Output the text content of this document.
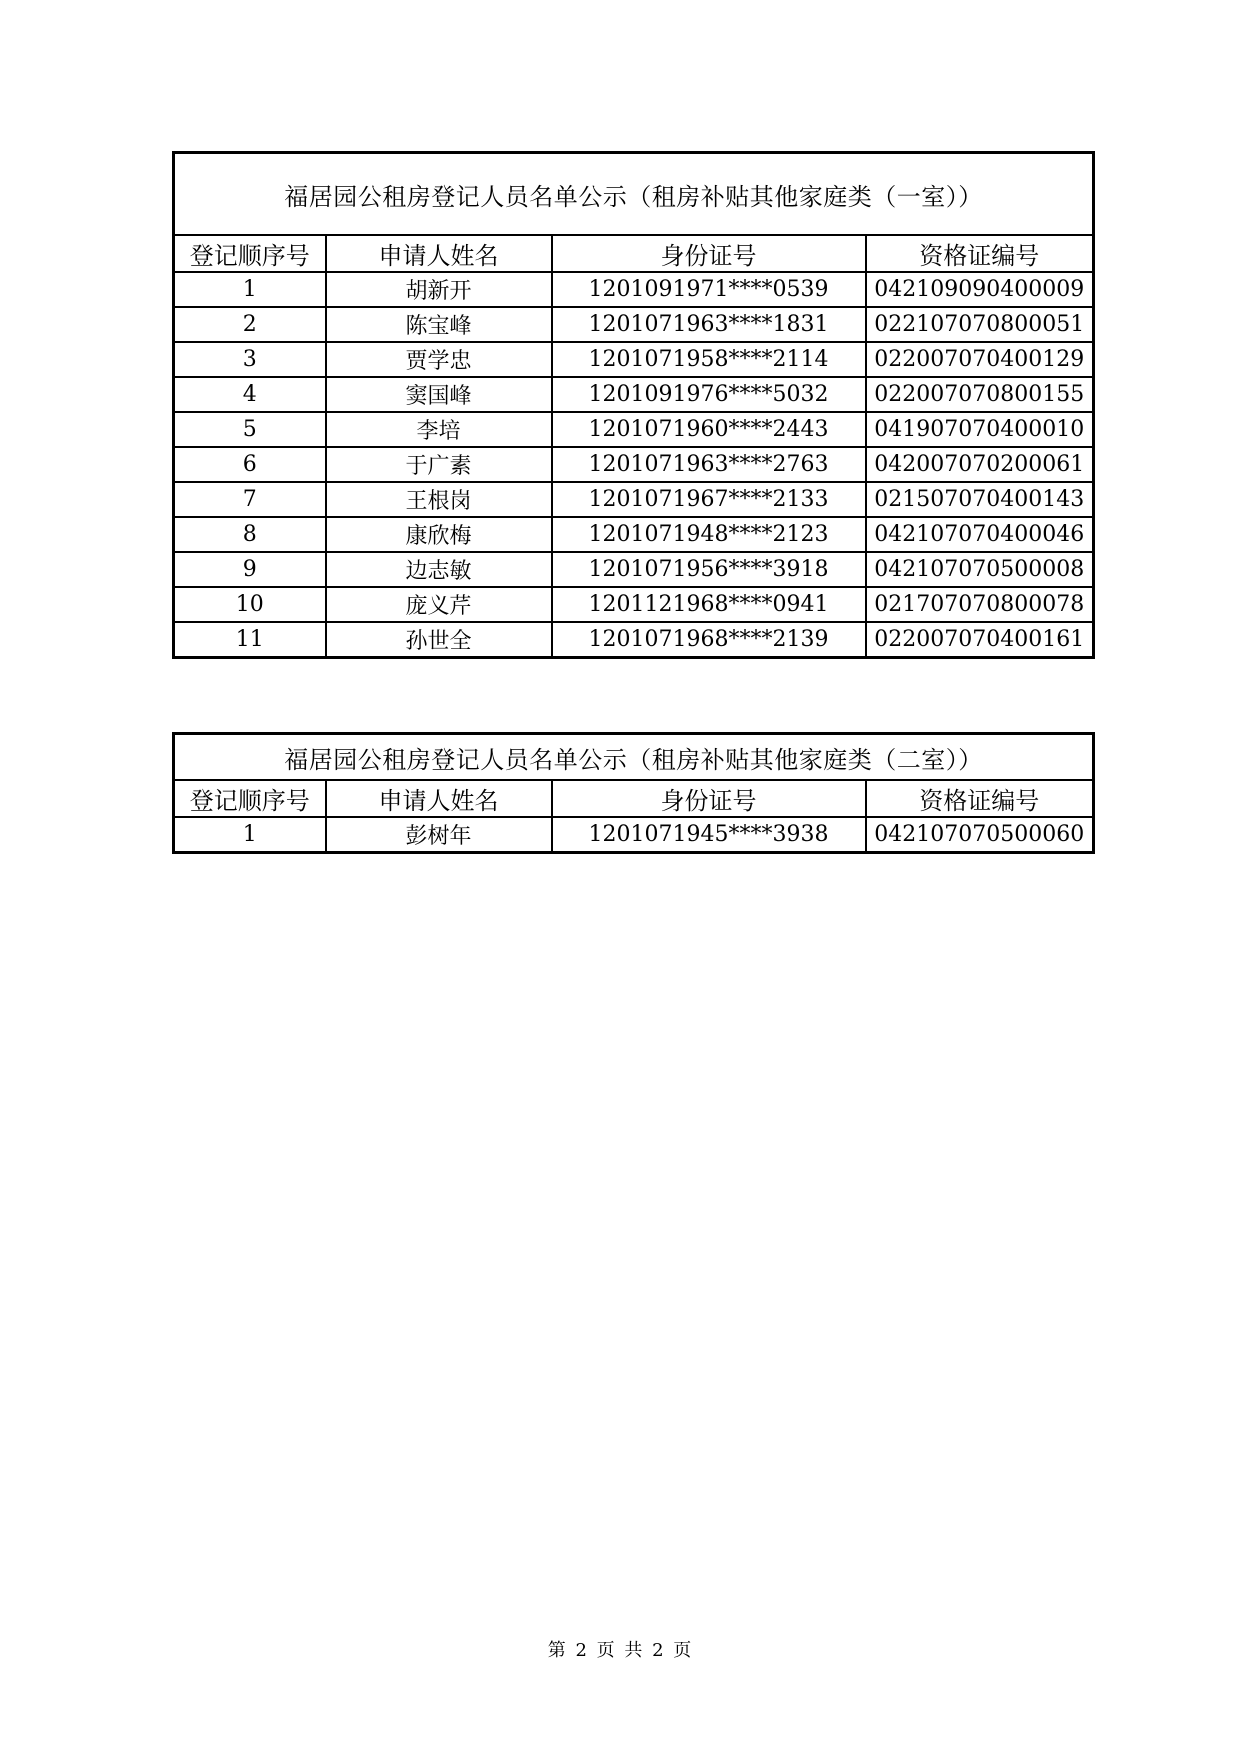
福居园公租房登记人员名单公示（租房补贴其他家庭类（一室））			
登记顺序号	申请人姓名	身份证号	资格证编号
1	胡新开	1201091971****0539	042109090400009
2	陈宝峰	1201071963****1831	022107070800051
3	贾学忠	1201071958****2114	022007070400129
4	窦国峰	1201091976****5032	022007070800155
5	李培	1201071960****2443	041907070400010
6	于广素	1201071963****2763	042007070200061
7	王根岗	1201071967****2133	021507070400143
8	康欣梅	1201071948****2123	042107070400046
9	边志敏	1201071956****3918	042107070500008
10	庞义芹	1201121968****0941	021707070800078
11	孙世全	1201071968****2139	022007070400161
福居园公租房登记人员名单公示（租房补贴其他家庭类（二室））			
登记顺序号	申请人姓名	身份证号	资格证编号
1	彭树年	1201071945****3938	042107070500060
第 2 页 共 2 页
